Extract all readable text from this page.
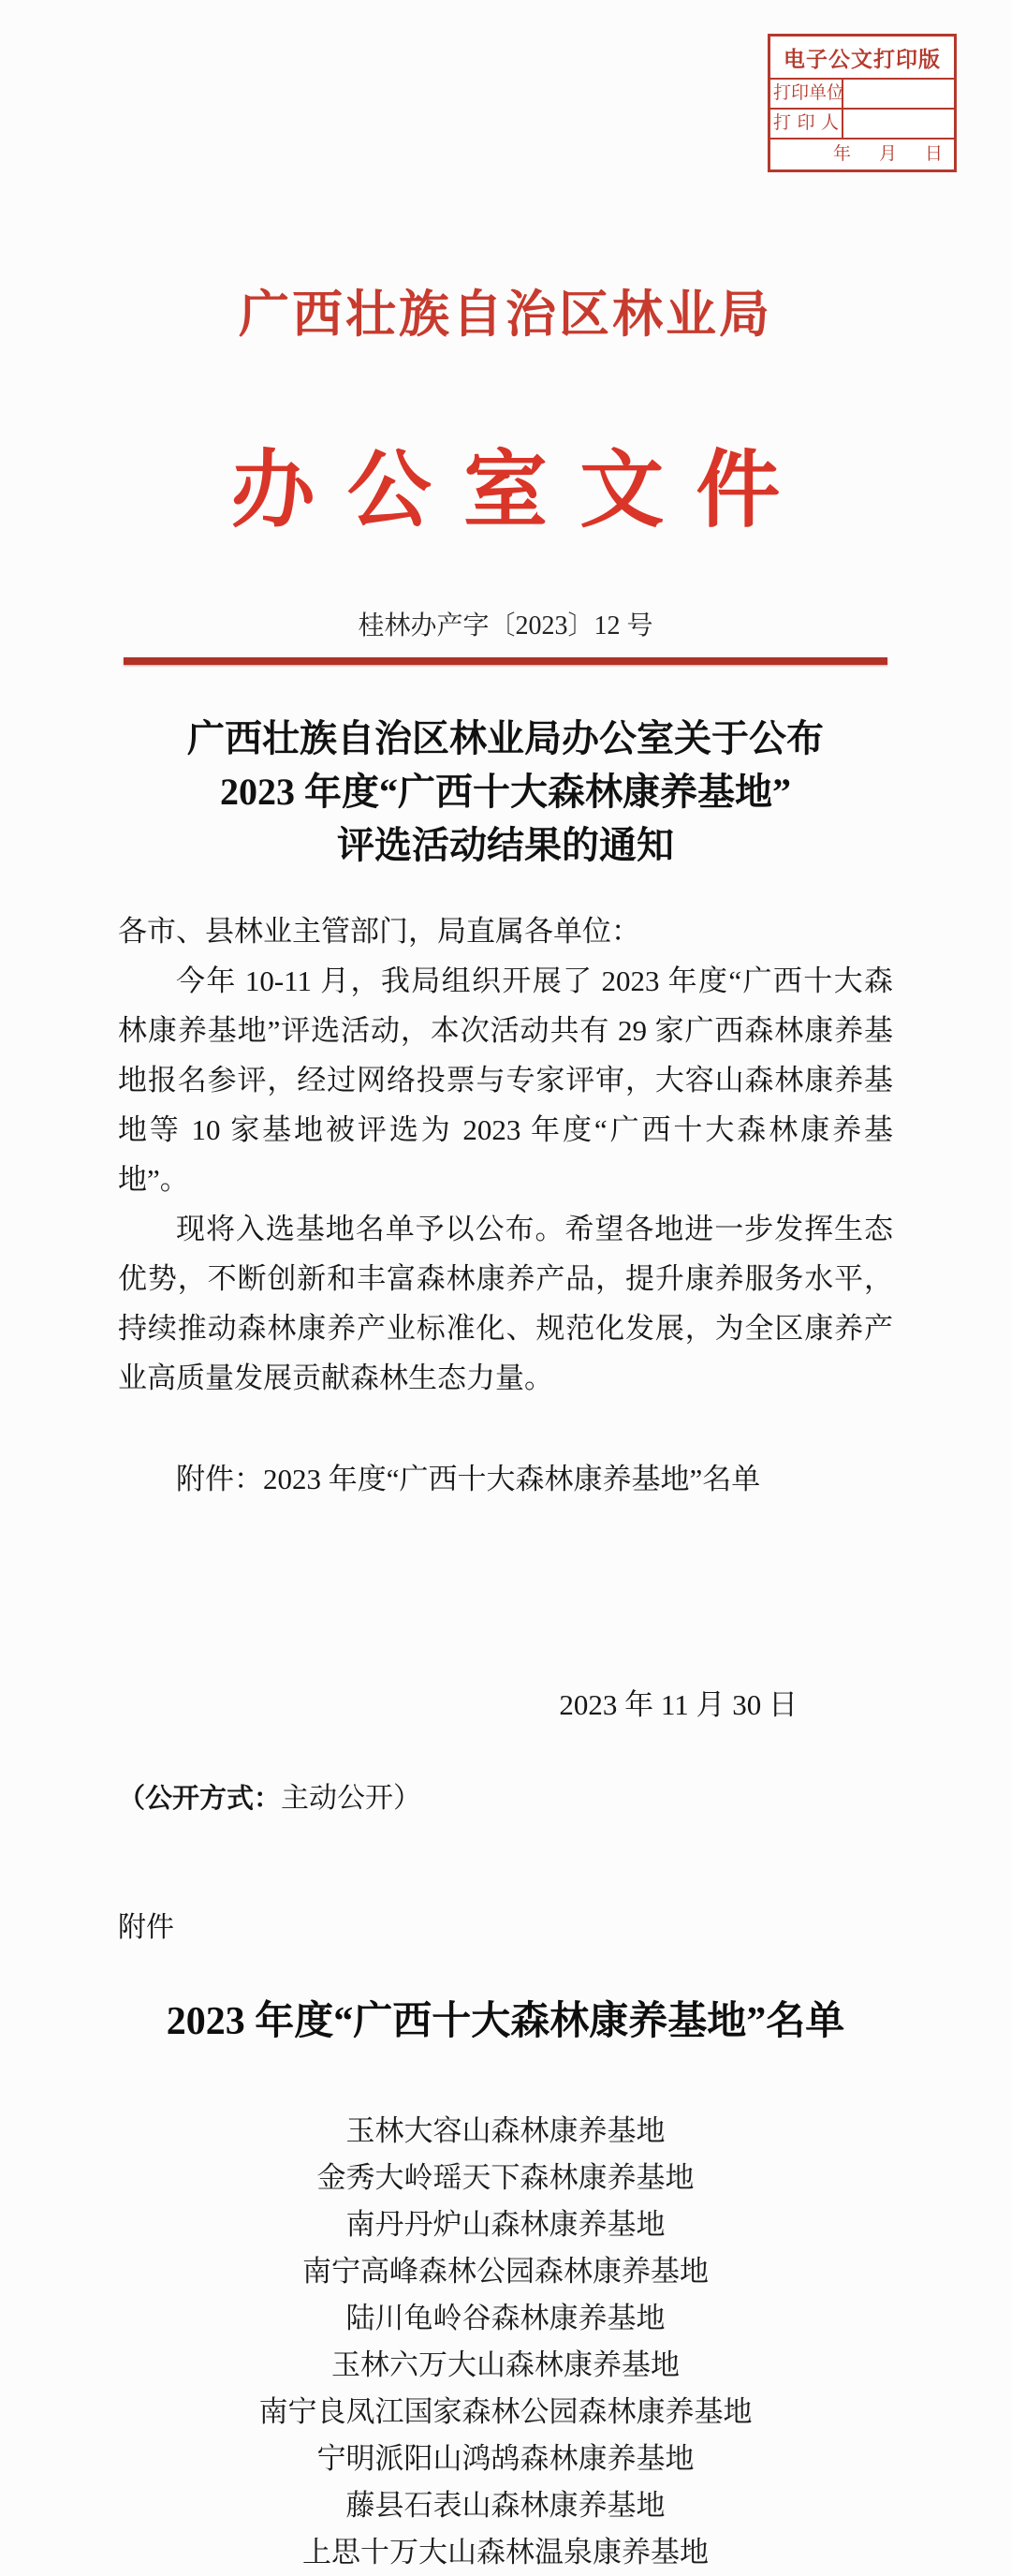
电子公文打印版
打印单位
打印人
年 月 日
广西壮族自治区林业局
办公室文件
桂林办产字〔2023〕12 号
广西壮族自治区林业局办公室关于公布
2023 年度“广西十大森林康养基地”
评选活动结果的通知
各市、县林业主管部门，局直属各单位：

今年 10-11 月，我局组织开展了 2023 年度“广西十大森林康养基地”评选活动，本次活动共有 29 家广西森林康养基地报名参评，经过网络投票与专家评审，大容山森林康养基地等 10 家基地被评选为 2023 年度“广西十大森林康养基地”。

现将入选基地名单予以公布。希望各地进一步发挥生态优势，不断创新和丰富森林康养产品，提升康养服务水平，持续推动森林康养产业标准化、规范化发展，为全区康养产业高质量发展贡献森林生态力量。

附件：2023 年度“广西十大森林康养基地”名单
2023 年 11 月 30 日
（公开方式：主动公开）
附件
2023 年度“广西十大森林康养基地”名单
玉林大容山森林康养基地
金秀大岭瑶天下森林康养基地
南丹丹炉山森林康养基地
南宁高峰森林公园森林康养基地
陆川龟岭谷森林康养基地
玉林六万大山森林康养基地
南宁良凤江国家森林公园森林康养基地
宁明派阳山鸿鸪森林康养基地
藤县石表山森林康养基地
上思十万大山森林温泉康养基地
